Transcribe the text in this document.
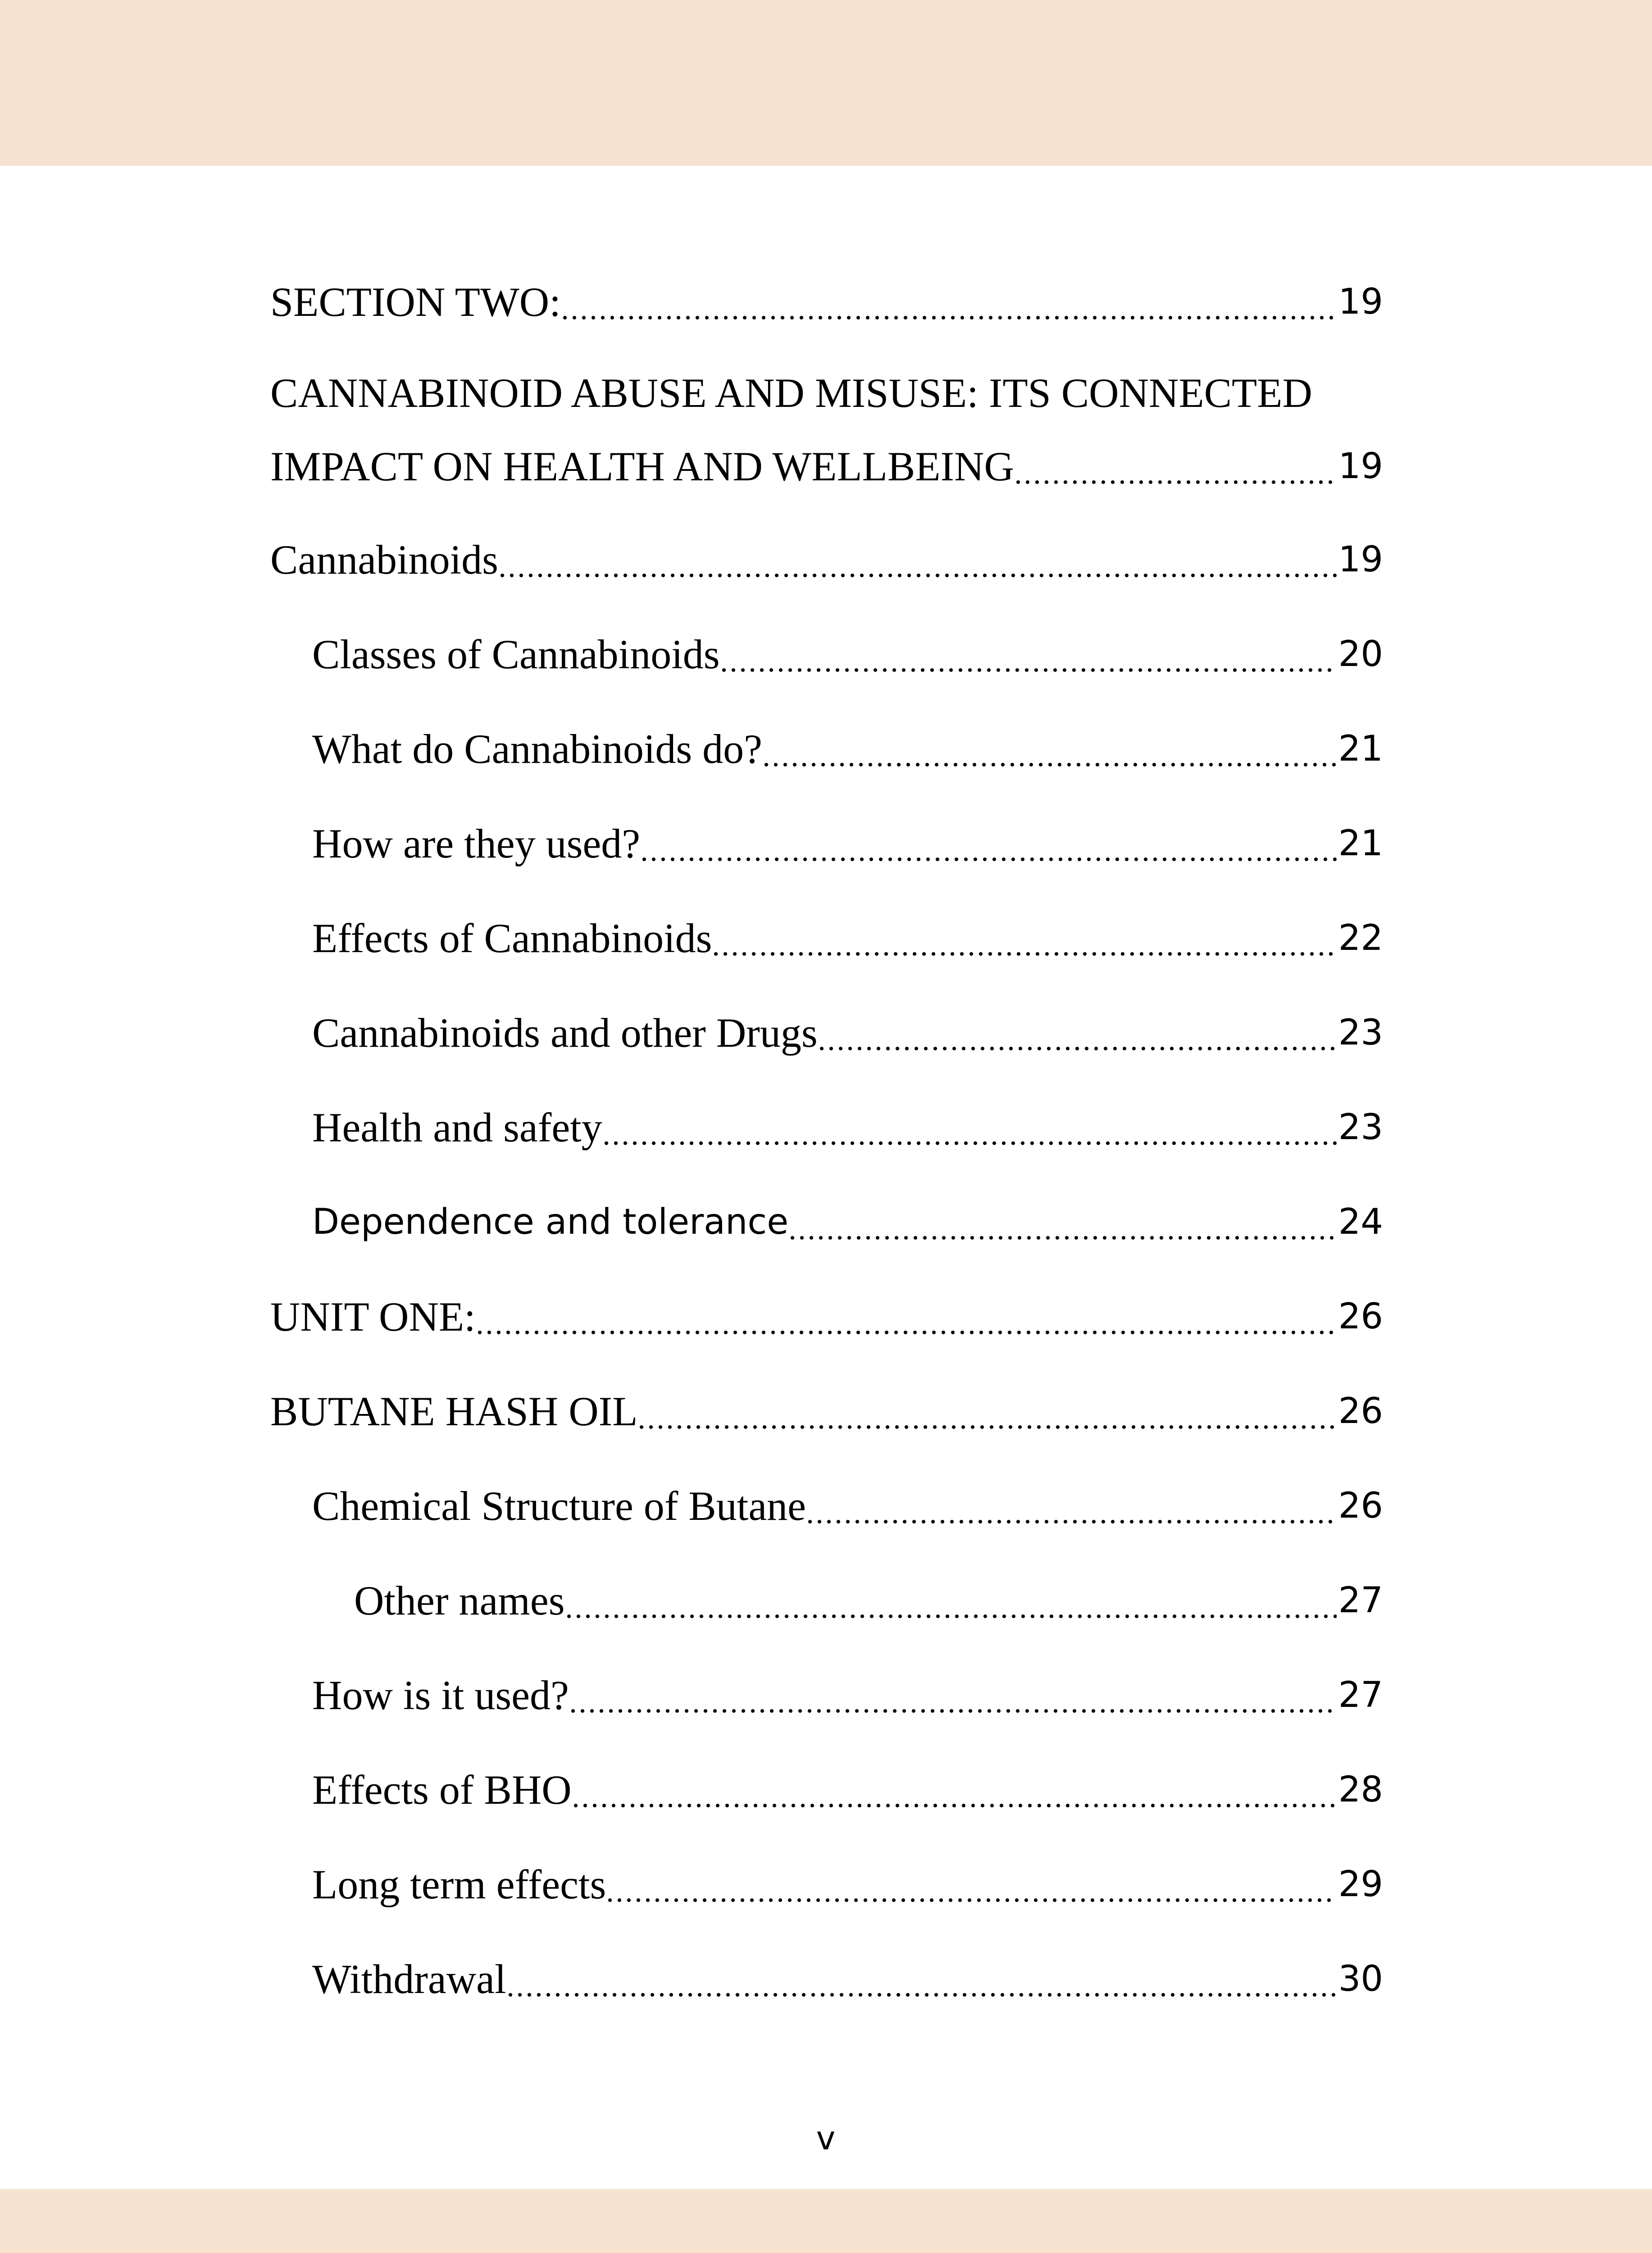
SECTION TWO:	19
CANNABINOID ABUSE AND MISUSE: ITS CONNECTED
IMPACT ON HEALTH AND WELLBEING	19
Cannabinoids	19
Classes of Cannabinoids	20
What do Cannabinoids do?	21
How are they used?	21
Effects of Cannabinoids	22
Cannabinoids and other Drugs	23
Health and safety	23
Dependence and tolerance	24
UNIT ONE:	26
BUTANE HASH OIL	26
Chemical Structure of Butane	26
Other names	27
How is it used?	27
Effects of BHO	28
Long term effects	29
Withdrawal	30
v
